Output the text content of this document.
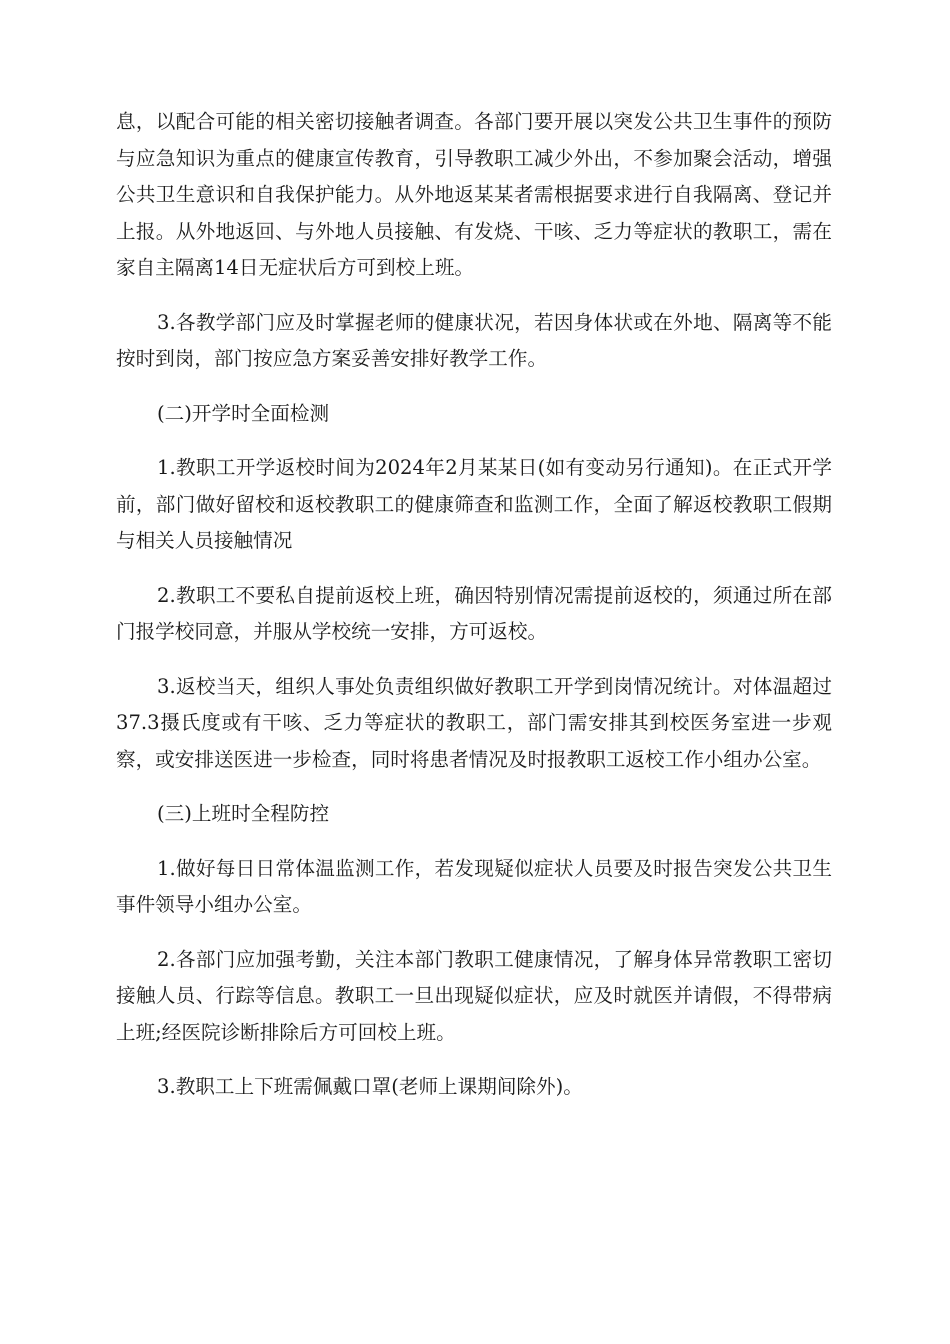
息，以配合可能的相关密切接触者调查。各部门要开展以突发公共卫生事件的预防与应急知识为重点的健康宣传教育，引导教职工减少外出，不参加聚会活动，增强公共卫生意识和自我保护能力。从外地返某某者需根据要求进行自我隔离、登记并上报。从外地返回、与外地人员接触、有发烧、干咳、乏力等症状的教职工，需在家自主隔离14日无症状后方可到校上班。

3.各教学部门应及时掌握老师的健康状况，若因身体状或在外地、隔离等不能按时到岗，部门按应急方案妥善安排好教学工作。

(二)开学时全面检测

1.教职工开学返校时间为2024年2月某某日(如有变动另行通知)。在正式开学前，部门做好留校和返校教职工的健康筛查和监测工作，全面了解返校教职工假期与相关人员接触情况

2.教职工不要私自提前返校上班，确因特别情况需提前返校的，须通过所在部门报学校同意，并服从学校统一安排，方可返校。

3.返校当天，组织人事处负责组织做好教职工开学到岗情况统计。对体温超过37.3摄氏度或有干咳、乏力等症状的教职工，部门需安排其到校医务室进一步观察，或安排送医进一步检查，同时将患者情况及时报教职工返校工作小组办公室。

(三)上班时全程防控

1.做好每日日常体温监测工作，若发现疑似症状人员要及时报告突发公共卫生事件领导小组办公室。

2.各部门应加强考勤，关注本部门教职工健康情况，了解身体异常教职工密切接触人员、行踪等信息。教职工一旦出现疑似症状，应及时就医并请假，不得带病上班;经医院诊断排除后方可回校上班。

3.教职工上下班需佩戴口罩(老师上课期间除外)。
